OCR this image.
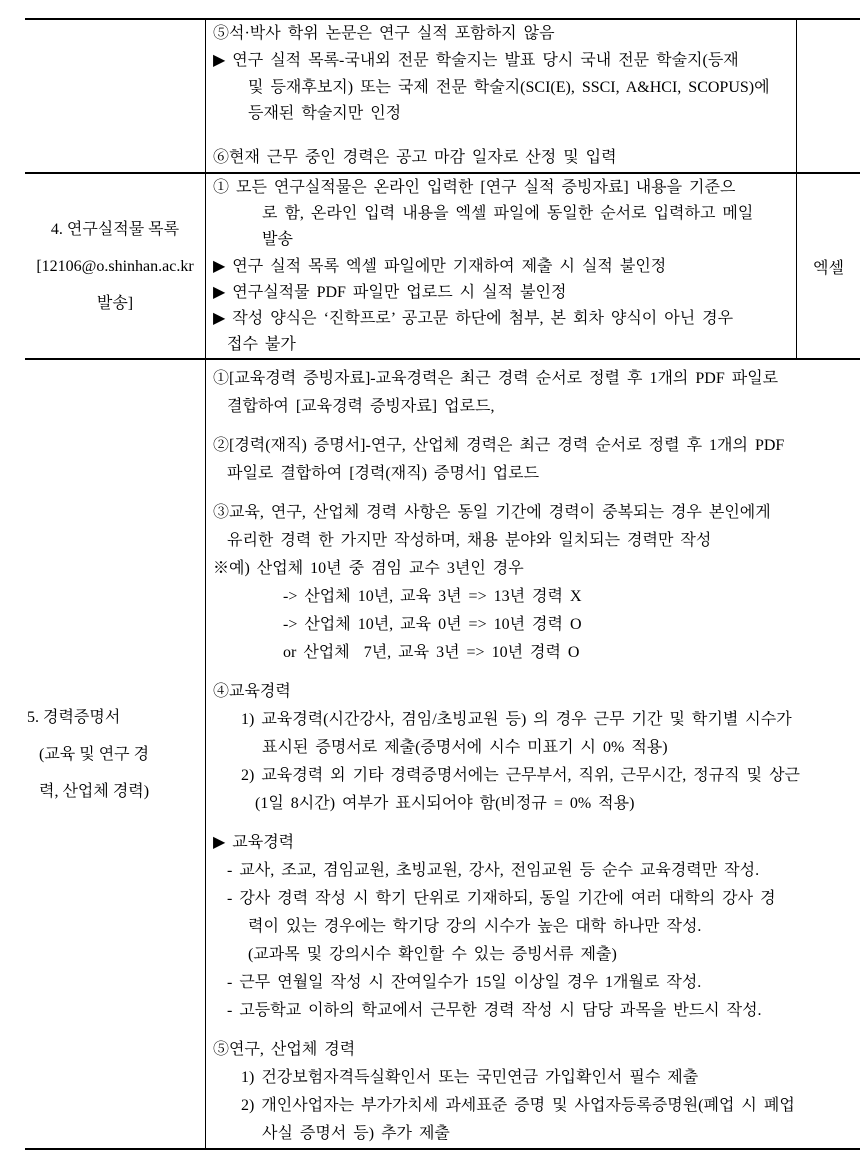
⑤석·박사 학위 논문은 연구 실적 포함하지 않음
▶ 연구 실적 목록-국내외 전문 학술지는 발표 당시 국내 전문 학술지(등재
및 등재후보지) 또는 국제 전문 학술지(SCI(E), SSCI, A&HCI, SCOPUS)에
등재된 학술지만 인정
⑥현재 근무 중인 경력은 공고 마감 일자로 산정 및 입력
4. 연구실적물 목록
[12106@o.shinhan.ac.kr
발송]
① 모든 연구실적물은 온라인 입력한 [연구 실적 증빙자료] 내용을 기준으
로 함, 온라인 입력 내용을 엑셀 파일에 동일한 순서로 입력하고 메일
발송
▶ 연구 실적 목록 엑셀 파일에만 기재하여 제출 시 실적 불인정
▶ 연구실적물 PDF 파일만 업로드 시 실적 불인정
▶ 작성 양식은 ‘진학프로’ 공고문 하단에 첨부, 본 회차 양식이 아닌 경우
접수 불가
엑셀
5. 경력증명서
(교육 및 연구 경
력, 산업체 경력)
①[교육경력 증빙자료]-교육경력은 최근 경력 순서로 정렬 후 1개의 PDF 파일로
결합하여 [교육경력 증빙자료] 업로드,
②[경력(재직) 증명서]-연구, 산업체 경력은 최근 경력 순서로 정렬 후 1개의 PDF
파일로 결합하여 [경력(재직) 증명서] 업로드
③교육, 연구, 산업체 경력 사항은 동일 기간에 경력이 중복되는 경우 본인에게
유리한 경력 한 가지만 작성하며, 채용 분야와 일치되는 경력만 작성
※예) 산업체 10년 중 겸임 교수 3년인 경우
-> 산업체 10년, 교육 3년 => 13년 경력 X
-> 산업체 10년, 교육 0년 => 10년 경력 O
or 산업체  7년, 교육 3년 => 10년 경력 O
④교육경력
1) 교육경력(시간강사, 겸임/초빙교원 등) 의 경우 근무 기간 및 학기별 시수가
표시된 증명서로 제출(증명서에 시수 미표기 시 0% 적용)
2) 교육경력 외 기타 경력증명서에는 근무부서, 직위, 근무시간, 정규직 및 상근
(1일 8시간) 여부가 표시되어야 함(비정규 = 0% 적용)
▶ 교육경력
- 교사, 조교, 겸임교원, 초빙교원, 강사, 전임교원 등 순수 교육경력만 작성.
- 강사 경력 작성 시 학기 단위로 기재하되, 동일 기간에 여러 대학의 강사 경
력이 있는 경우에는 학기당 강의 시수가 높은 대학 하나만 작성.
(교과목 및 강의시수 확인할 수 있는 증빙서류 제출)
- 근무 연월일 작성 시 잔여일수가 15일 이상일 경우 1개월로 작성.
- 고등학교 이하의 학교에서 근무한 경력 작성 시 담당 과목을 반드시 작성.
⑤연구, 산업체 경력
1) 건강보험자격득실확인서 또는 국민연금 가입확인서 필수 제출
2) 개인사업자는 부가가치세 과세표준 증명 및 사업자등록증명원(폐업 시 폐업
사실 증명서 등) 추가 제출
